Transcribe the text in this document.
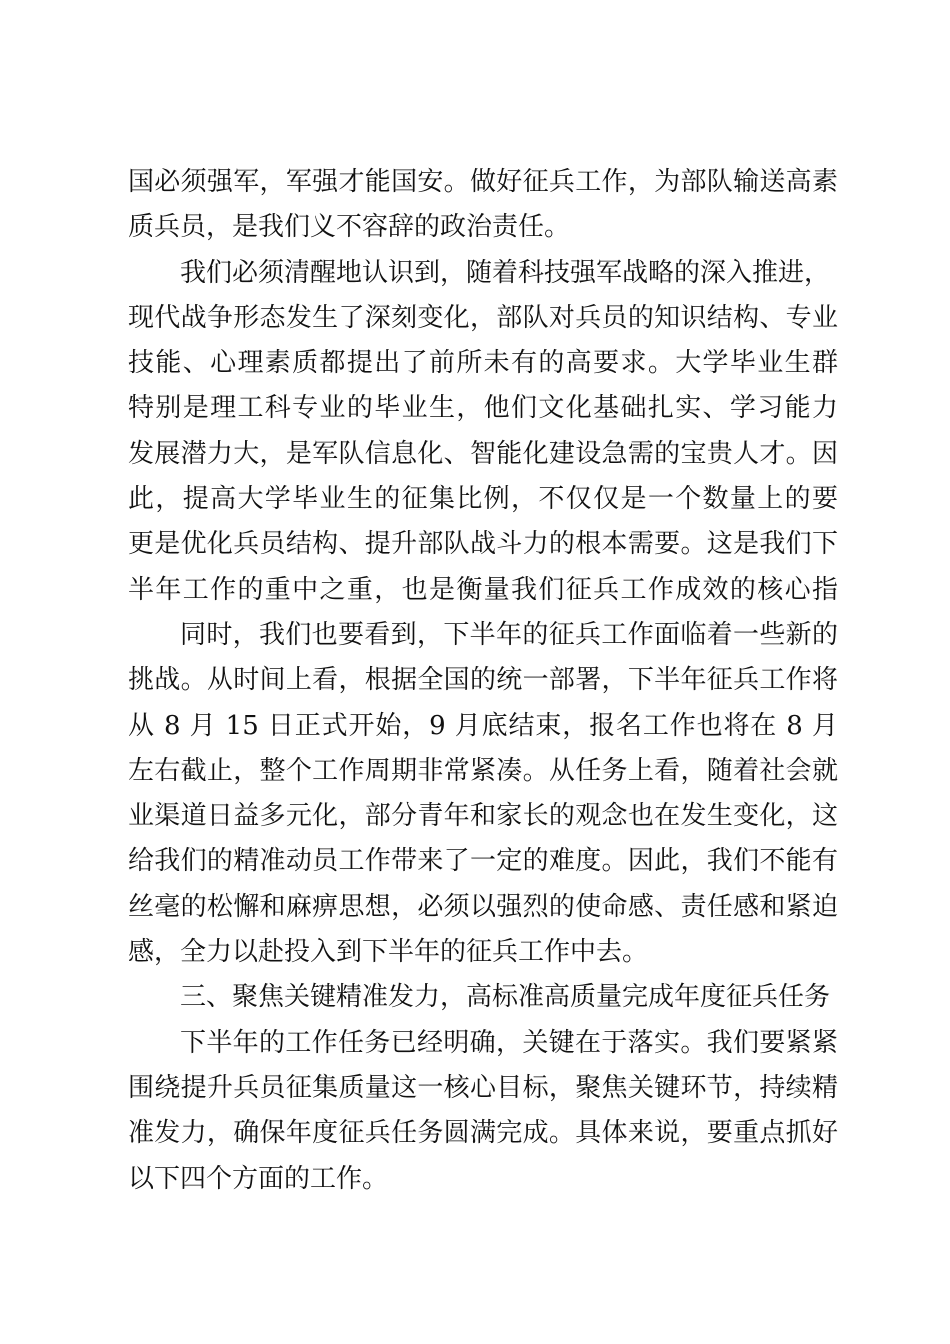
国必须强军，军强才能国安。做好征兵工作，为部队输送高素
质兵员，是我们义不容辞的政治责任。
我们必须清醒地认识到，随着科技强军战略的深入推进，
现代战争形态发生了深刻变化，部队对兵员的知识结构、专业
技能、心理素质都提出了前所未有的高要求。大学毕业生群
特别是理工科专业的毕业生，他们文化基础扎实、学习能力
发展潜力大，是军队信息化、智能化建设急需的宝贵人才。因
此，提高大学毕业生的征集比例，不仅仅是一个数量上的要
更是优化兵员结构、提升部队战斗力的根本需要。这是我们下
半年工作的重中之重，也是衡量我们征兵工作成效的核心指
同时，我们也要看到，下半年的征兵工作面临着一些新的
挑战。从时间上看，根据全国的统一部署，下半年征兵工作将
从 8 月 15 日正式开始，9 月底结束，报名工作也将在 8 月
左右截止，整个工作周期非常紧凑。从任务上看，随着社会就
业渠道日益多元化，部分青年和家长的观念也在发生变化，这
给我们的精准动员工作带来了一定的难度。因此，我们不能有
丝毫的松懈和麻痹思想，必须以强烈的使命感、责任感和紧迫
感，全力以赴投入到下半年的征兵工作中去。
三、聚焦关键精准发力，高标准高质量完成年度征兵任务
下半年的工作任务已经明确，关键在于落实。我们要紧紧
围绕提升兵员征集质量这一核心目标，聚焦关键环节，持续精
准发力，确保年度征兵任务圆满完成。具体来说，要重点抓好
以下四个方面的工作。
